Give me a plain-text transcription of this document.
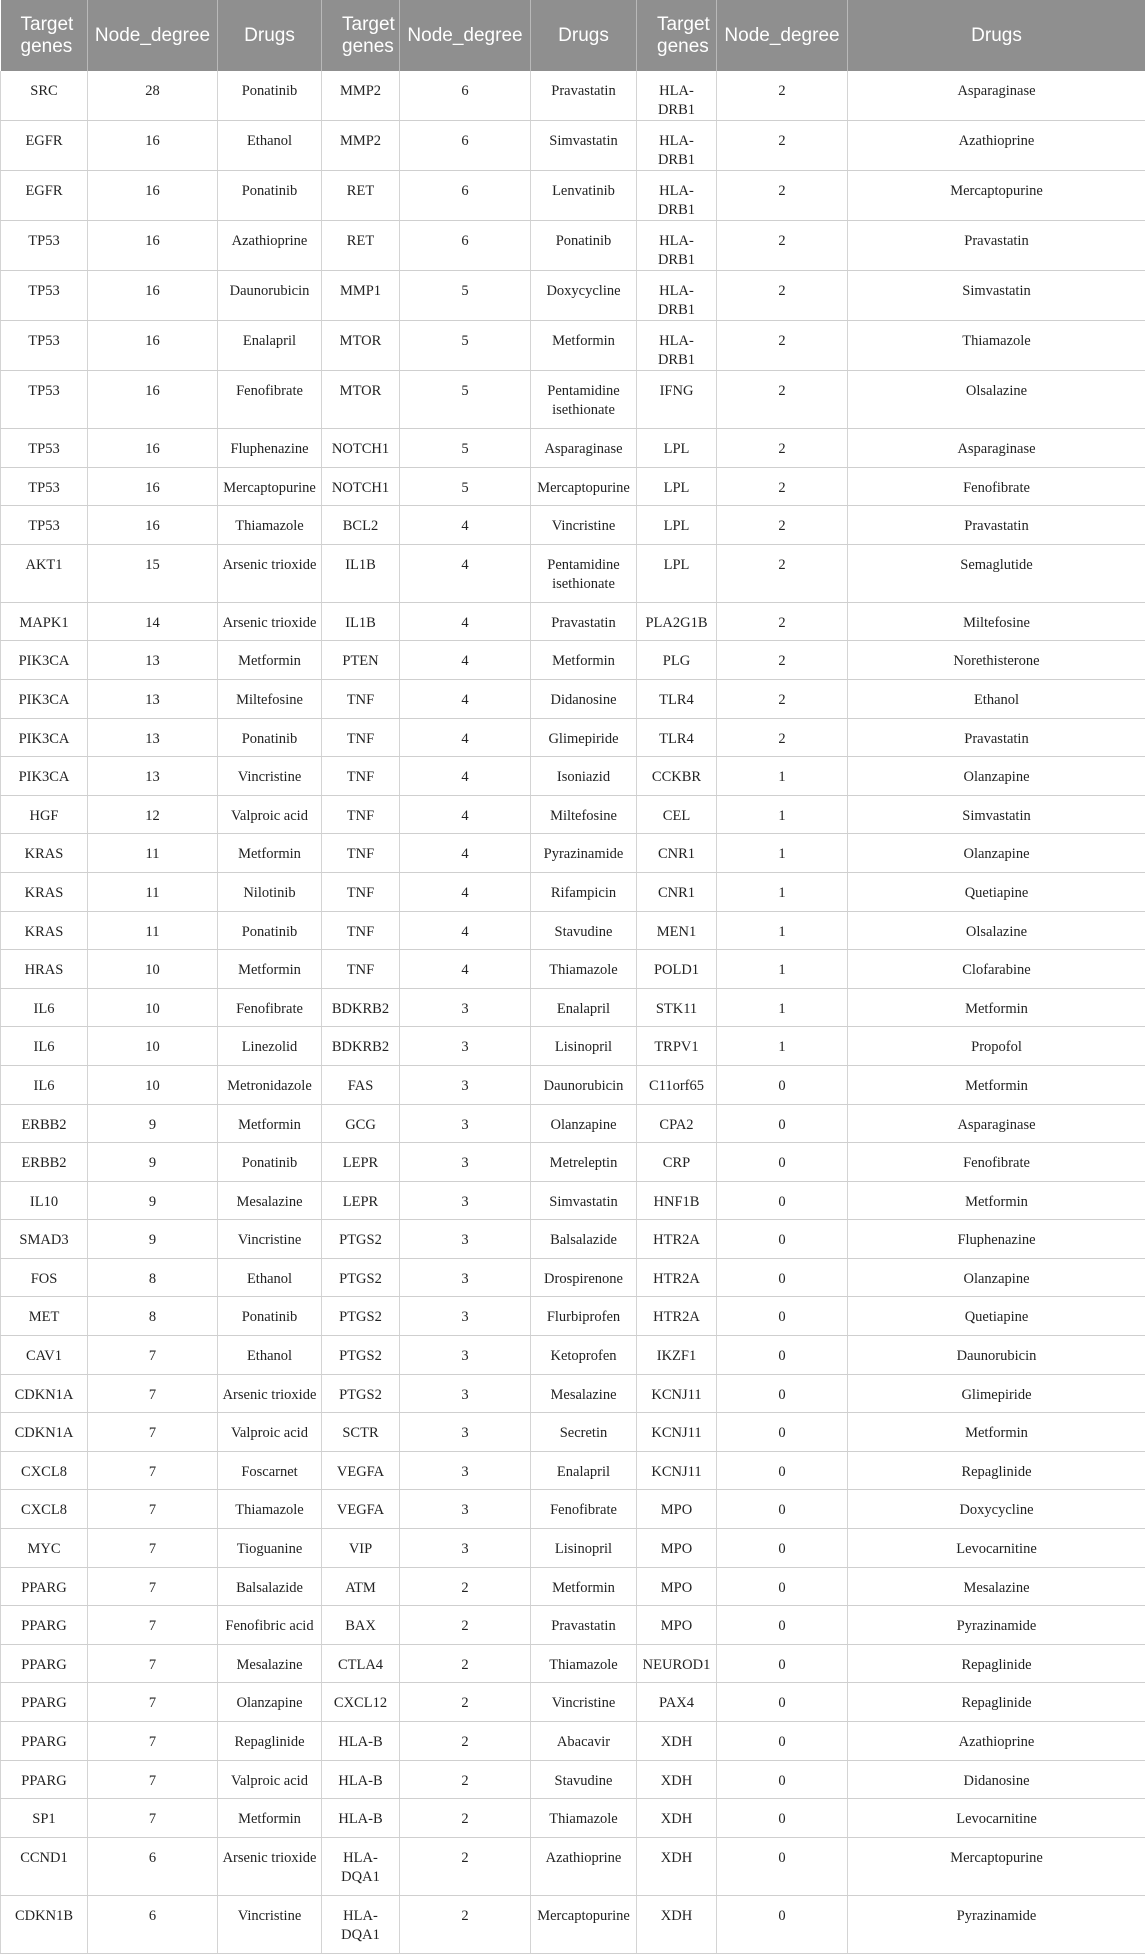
Target genes	Node_degree	Drugs	Target genes	Node_degree	Drugs	Target genes	Node_degree	Drugs
SRC	28	Ponatinib	MMP2	6	Pravastatin	HLA-DRB1	2	Asparaginase
EGFR	16	Ethanol	MMP2	6	Simvastatin	HLA-DRB1	2	Azathioprine
EGFR	16	Ponatinib	RET	6	Lenvatinib	HLA-DRB1	2	Mercaptopurine
TP53	16	Azathioprine	RET	6	Ponatinib	HLA-DRB1	2	Pravastatin
TP53	16	Daunorubicin	MMP1	5	Doxycycline	HLA-DRB1	2	Simvastatin
TP53	16	Enalapril	MTOR	5	Metformin	HLA-DRB1	2	Thiamazole
TP53	16	Fenofibrate	MTOR	5	Pentamidine isethionate	IFNG	2	Olsalazine
TP53	16	Fluphenazine	NOTCH1	5	Asparaginase	LPL	2	Asparaginase
TP53	16	Mercaptopurine	NOTCH1	5	Mercaptopurine	LPL	2	Fenofibrate
TP53	16	Thiamazole	BCL2	4	Vincristine	LPL	2	Pravastatin
AKT1	15	Arsenic trioxide	IL1B	4	Pentamidine isethionate	LPL	2	Semaglutide
MAPK1	14	Arsenic trioxide	IL1B	4	Pravastatin	PLA2G1B	2	Miltefosine
PIK3CA	13	Metformin	PTEN	4	Metformin	PLG	2	Norethisterone
PIK3CA	13	Miltefosine	TNF	4	Didanosine	TLR4	2	Ethanol
PIK3CA	13	Ponatinib	TNF	4	Glimepiride	TLR4	2	Pravastatin
PIK3CA	13	Vincristine	TNF	4	Isoniazid	CCKBR	1	Olanzapine
HGF	12	Valproic acid	TNF	4	Miltefosine	CEL	1	Simvastatin
KRAS	11	Metformin	TNF	4	Pyrazinamide	CNR1	1	Olanzapine
KRAS	11	Nilotinib	TNF	4	Rifampicin	CNR1	1	Quetiapine
KRAS	11	Ponatinib	TNF	4	Stavudine	MEN1	1	Olsalazine
HRAS	10	Metformin	TNF	4	Thiamazole	POLD1	1	Clofarabine
IL6	10	Fenofibrate	BDKRB2	3	Enalapril	STK11	1	Metformin
IL6	10	Linezolid	BDKRB2	3	Lisinopril	TRPV1	1	Propofol
IL6	10	Metronidazole	FAS	3	Daunorubicin	C11orf65	0	Metformin
ERBB2	9	Metformin	GCG	3	Olanzapine	CPA2	0	Asparaginase
ERBB2	9	Ponatinib	LEPR	3	Metreleptin	CRP	0	Fenofibrate
IL10	9	Mesalazine	LEPR	3	Simvastatin	HNF1B	0	Metformin
SMAD3	9	Vincristine	PTGS2	3	Balsalazide	HTR2A	0	Fluphenazine
FOS	8	Ethanol	PTGS2	3	Drospirenone	HTR2A	0	Olanzapine
MET	8	Ponatinib	PTGS2	3	Flurbiprofen	HTR2A	0	Quetiapine
CAV1	7	Ethanol	PTGS2	3	Ketoprofen	IKZF1	0	Daunorubicin
CDKN1A	7	Arsenic trioxide	PTGS2	3	Mesalazine	KCNJ11	0	Glimepiride
CDKN1A	7	Valproic acid	SCTR	3	Secretin	KCNJ11	0	Metformin
CXCL8	7	Foscarnet	VEGFA	3	Enalapril	KCNJ11	0	Repaglinide
CXCL8	7	Thiamazole	VEGFA	3	Fenofibrate	MPO	0	Doxycycline
MYC	7	Tioguanine	VIP	3	Lisinopril	MPO	0	Levocarnitine
PPARG	7	Balsalazide	ATM	2	Metformin	MPO	0	Mesalazine
PPARG	7	Fenofibric acid	BAX	2	Pravastatin	MPO	0	Pyrazinamide
PPARG	7	Mesalazine	CTLA4	2	Thiamazole	NEUROD1	0	Repaglinide
PPARG	7	Olanzapine	CXCL12	2	Vincristine	PAX4	0	Repaglinide
PPARG	7	Repaglinide	HLA-B	2	Abacavir	XDH	0	Azathioprine
PPARG	7	Valproic acid	HLA-B	2	Stavudine	XDH	0	Didanosine
SP1	7	Metformin	HLA-B	2	Thiamazole	XDH	0	Levocarnitine
CCND1	6	Arsenic trioxide	HLA-DQA1	2	Azathioprine	XDH	0	Mercaptopurine
CDKN1B	6	Vincristine	HLA-DQA1	2	Mercaptopurine	XDH	0	Pyrazinamide
